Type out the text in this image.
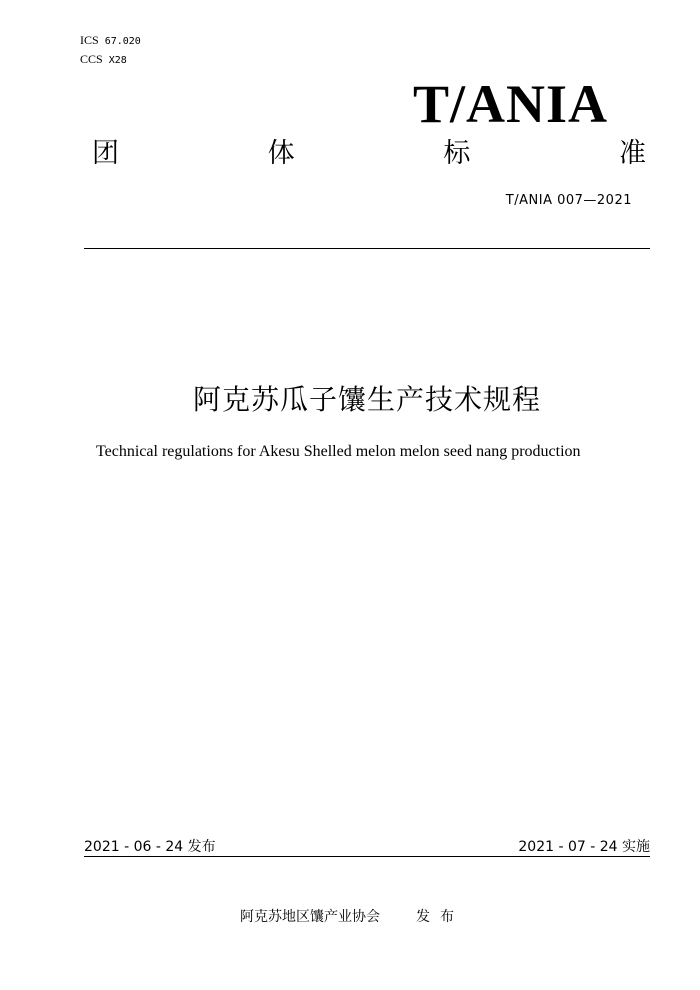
ICS 67.020
CCS X28
T/ANIA
团	体	标	准
T/ANIA 007—2021
阿克苏瓜子馕生产技术规程
Technical regulations for Akesu Shelled melon melon seed nang production
2021 - 06 - 24 发布	2021 - 07 - 24 实施
阿克苏地区馕产业协会	发布
